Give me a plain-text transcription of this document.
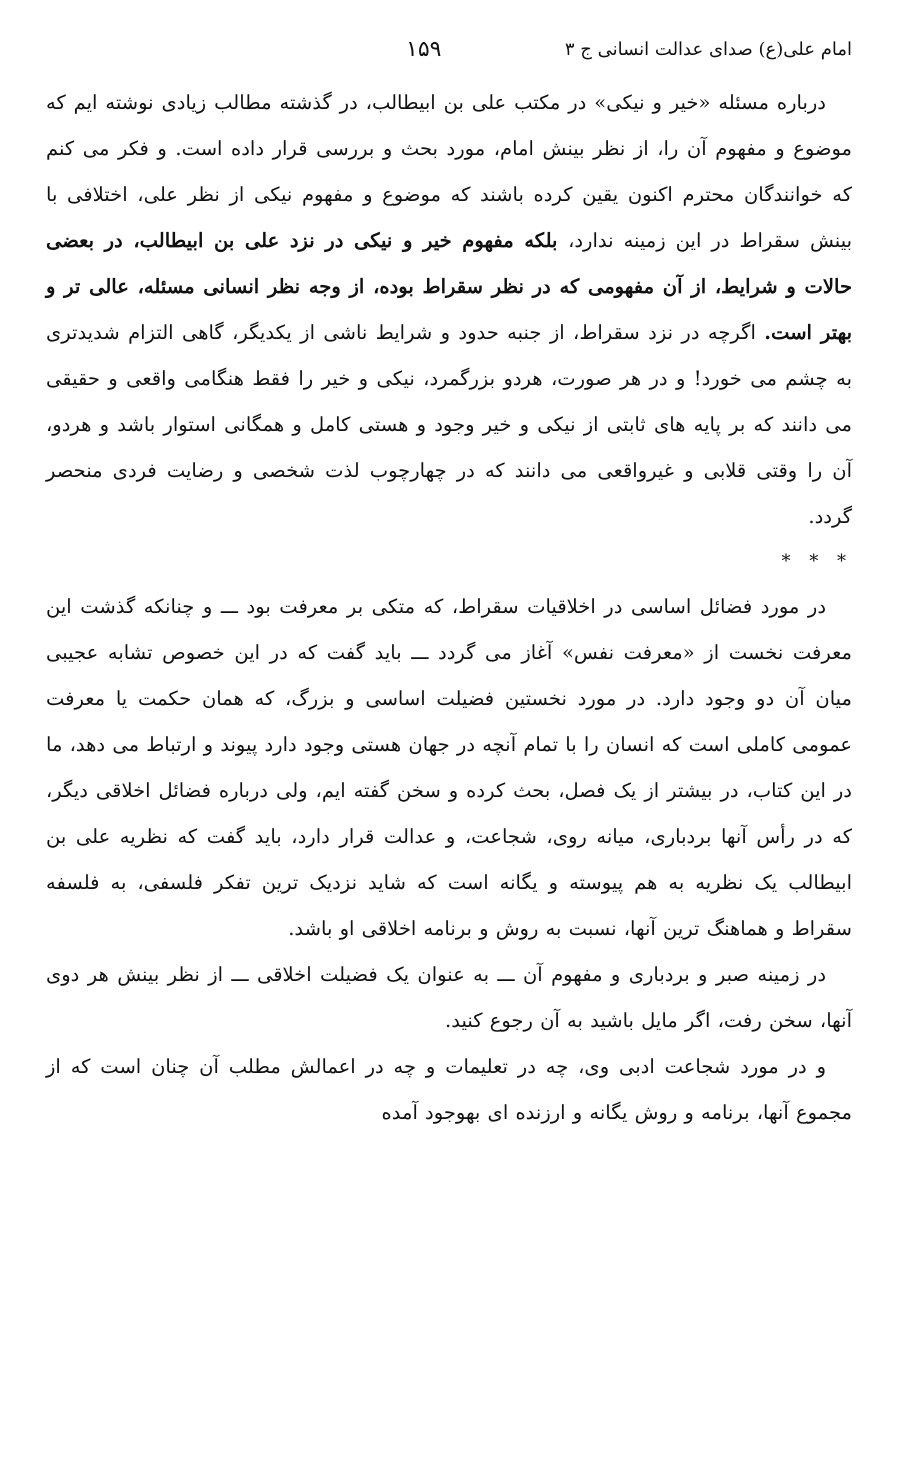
امام علی(ع) صدای عدالت انسانی ج ۳
۱۵۹

درباره مسئله «خیر و نیکی» در مکتب علی بن ابیطالب، در گذشته مطالب زیادی نوشته ایم که موضوع و مفهوم آن را، از نظر بینش امام، مورد بحث و بررسی قرار داده است. و فکر می کنم که خوانندگان محترم اکنون یقین کرده باشند که موضوع و مفهوم نیکی از نظر علی، اختلافی با بینش سقراط در این زمینه ندارد، بلکه مفهوم خیر و نیکی در نزد علی بن ابیطالب، در بعضی حالات و شرایط، از آن مفهومی که در نظر سقراط بوده، از وجه نظر انسانی مسئله، عالی تر و بهتر است. اگرچه در نزد سقراط، از جنبه حدود و شرایط ناشی از یکدیگر، گاهی التزام شدیدتری به چشم می خورد! و در هر صورت، هردو بزرگمرد، نیکی و خیر را فقط هنگامی واقعی و حقیقی می دانند که بر پایه های ثابتی از نیکی و خیر وجود و هستی کامل و همگانی استوار باشد و هردو، آن را وقتی قلابی و غیرواقعی می دانند که در چهارچوب لذت شخصی و رضایت فردی منحصر گردد.

* * *

در مورد فضائل اساسی در اخلاقیات سقراط، که متکی بر معرفت بود ـــ و چنانکه گذشت این معرفت نخست از «معرفت نفس» آغاز می گردد ـــ باید گفت که در این خصوص تشابه عجیبی میان آن دو وجود دارد. در مورد نخستین فضیلت اساسی و بزرگ، که همان حکمت یا معرفت عمومی کاملی است که انسان را با تمام آنچه در جهان هستی وجود دارد پیوند و ارتباط می دهد، ما در این کتاب، در بیشتر از یک فصل، بحث کرده و سخن گفته ایم، ولی درباره فضائل اخلاقی دیگر، که در رأس آنها بردباری، میانه روی، شجاعت، و عدالت قرار دارد، باید گفت که نظریه علی بن ابیطالب یک نظریه به هم پیوسته و یگانه است که شاید نزدیک ترین تفکر فلسفی، به فلسفه سقراط و هماهنگ ترین آنها، نسبت به روش و برنامه اخلاقی او باشد.

در زمینه صبر و بردباری و مفهوم آن ـــ به عنوان یک فضیلت اخلاقی ـــ از نظر بینش هر دوی آنها، سخن رفت، اگر مایل باشید به آن رجوع کنید.

و در مورد شجاعت ادبی وی، چه در تعلیمات و چه در اعمالش مطلب آن چنان است که از مجموع آنها، برنامه و روش یگانه و ارزنده ای بهوجود آمده
